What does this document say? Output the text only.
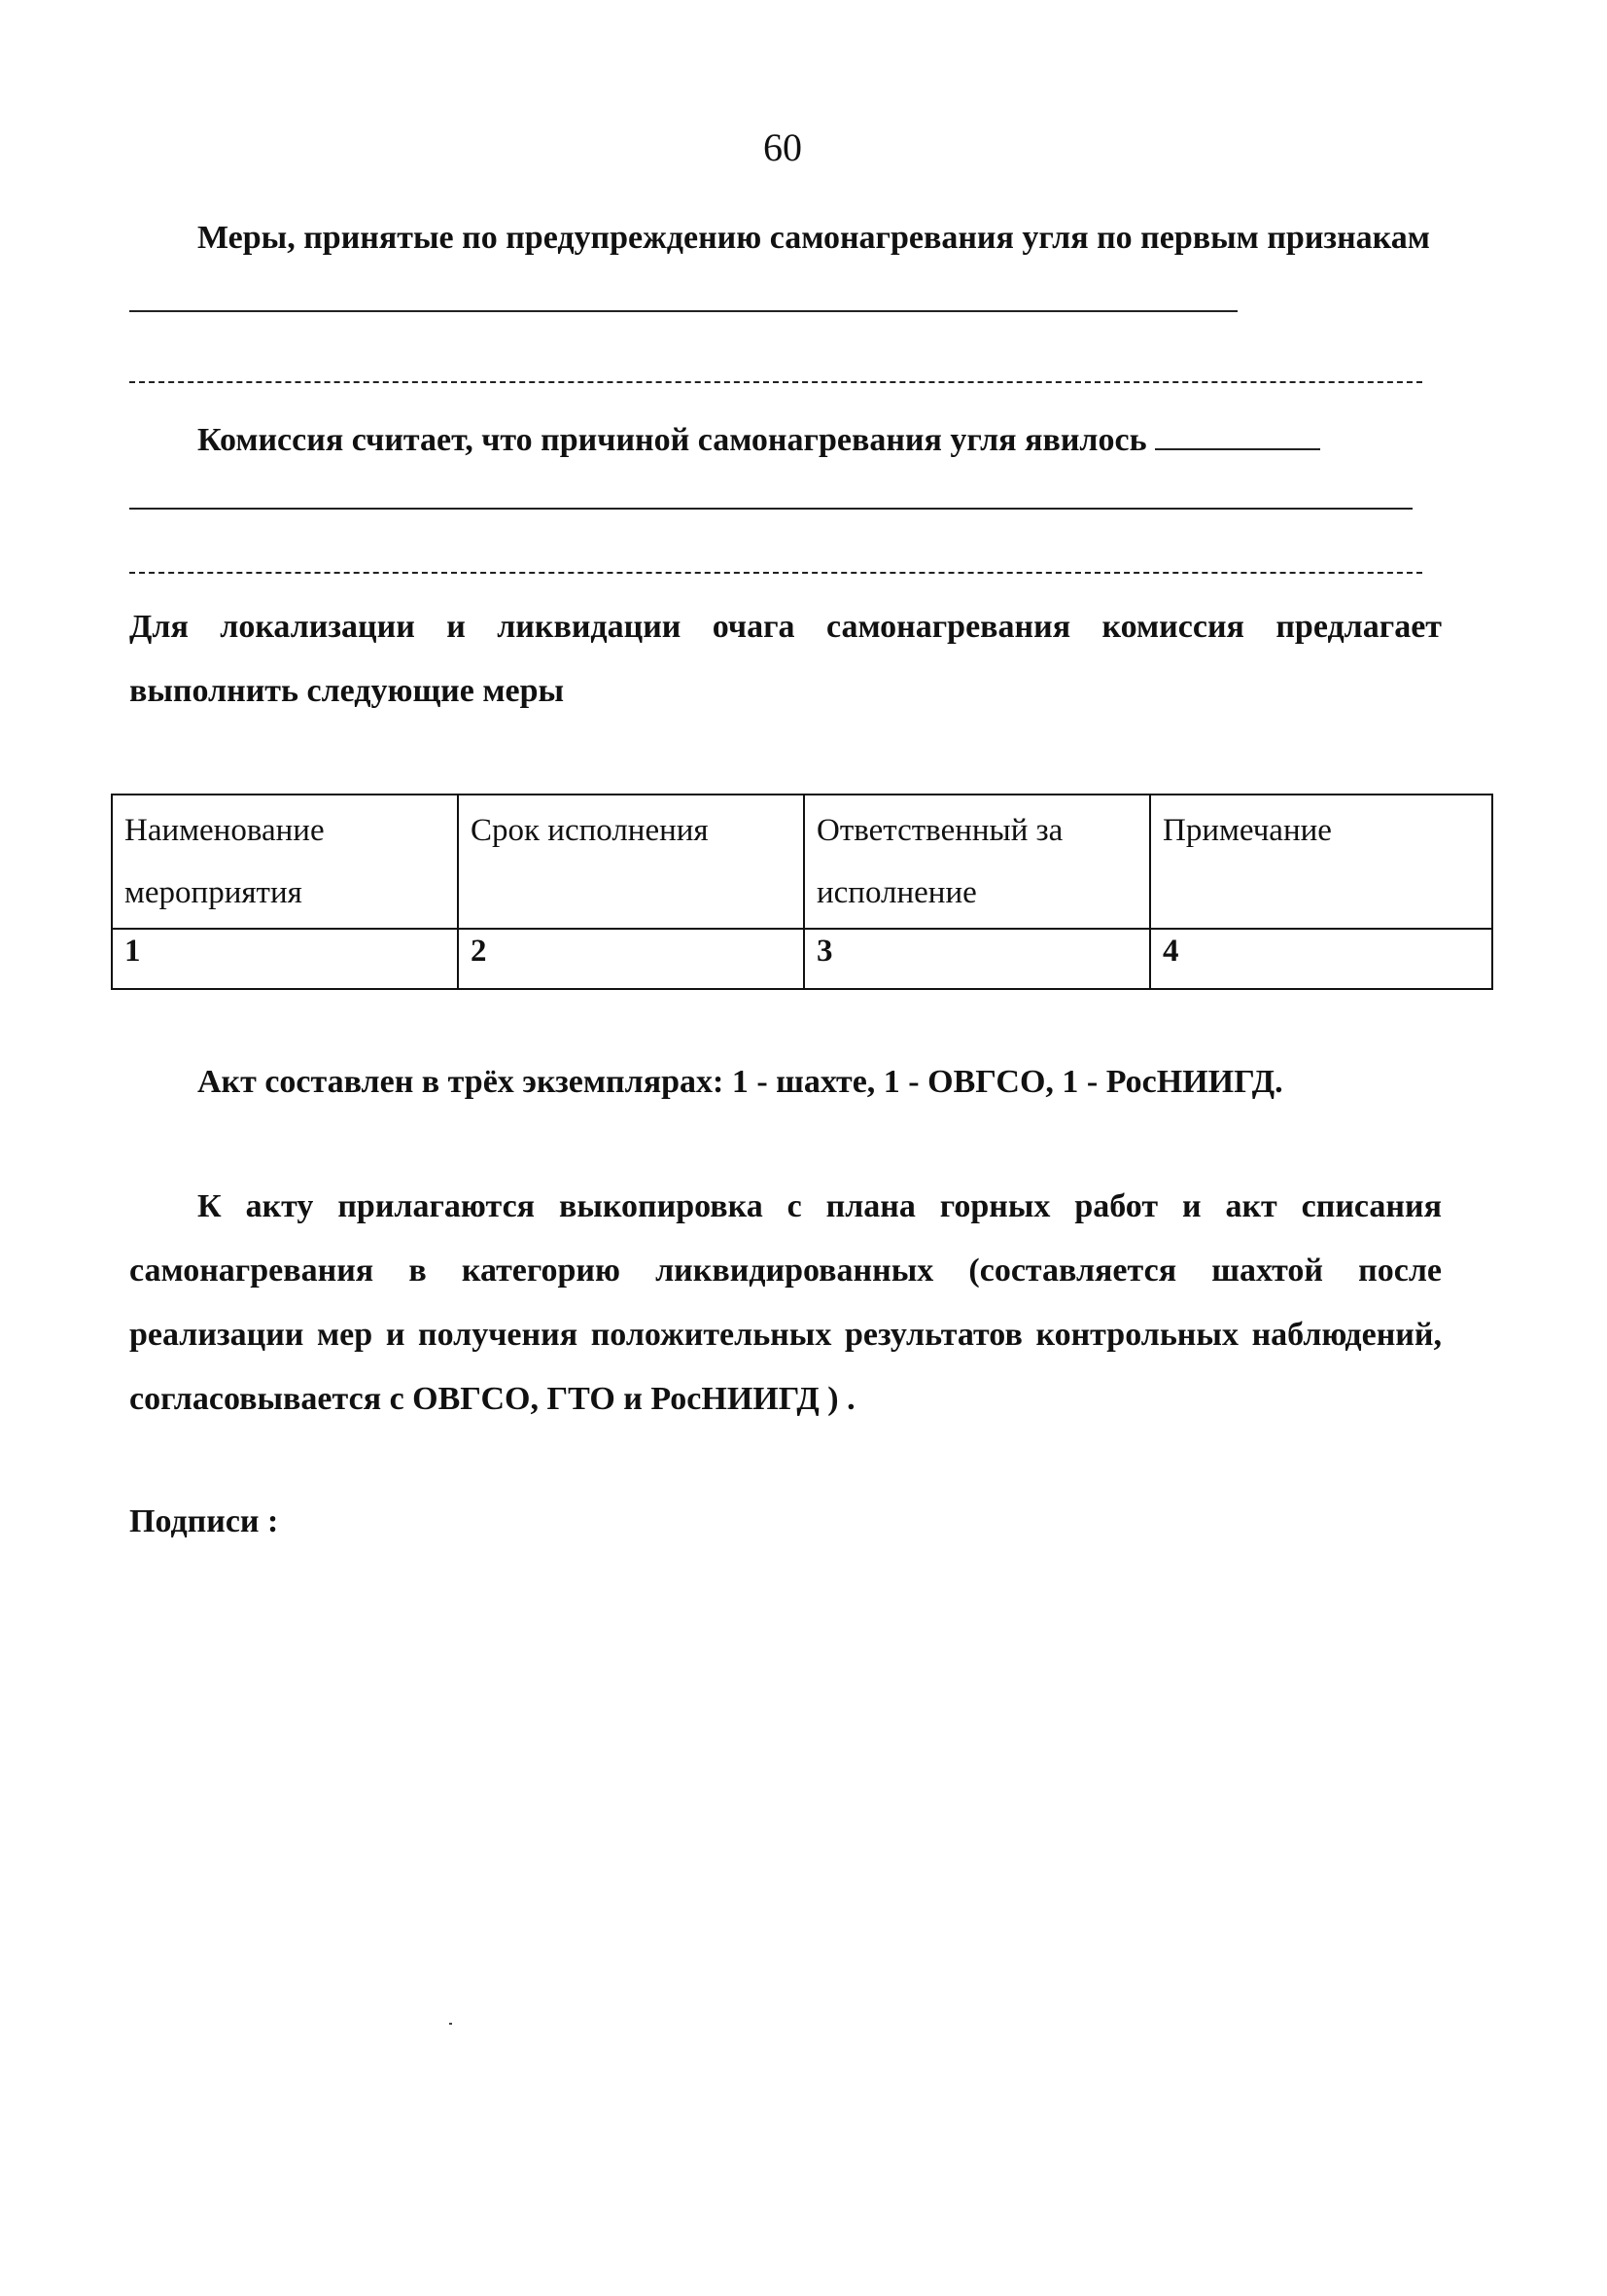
60
Меры, принятые по предупреждению самонагревания угля по первым признакам
Комиссия считает, что причиной самонагревания угля явилось
Для локализации и ликвидации очага самонагревания комиссия предлагает выполнить следующие меры
Наименование мероприятия	Срок исполнения	Ответственный за исполнение	Примечание
1	2	3	4
Акт составлен в трёх экземплярах: 1 - шахте, 1 - ОВГСО, 1 - РосНИИГД.
К акту прилагаются выкопировка с плана горных работ и акт списания самонагревания в категорию ликвидированных (составляется шахтой после реализации мер и получения положительных результатов контрольных наблюдений, согласовывается с ОВГСО, ГТО и РосНИИГД ) .
Подписи :
